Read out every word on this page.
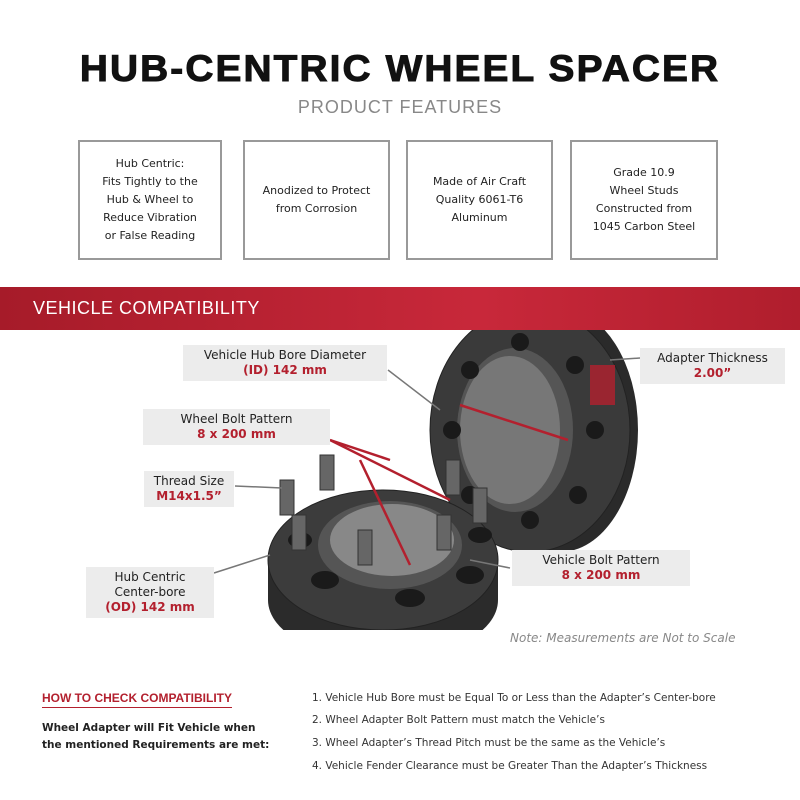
HUB-CENTRIC WHEEL SPACER
PRODUCT FEATURES
Hub Centric:
Fits Tightly to the
Hub & Wheel to
Reduce Vibration
or False Reading
Anodized to Protect
from Corrosion
Made of Air Craft
Quality 6061-T6
Aluminum
Grade 10.9
Wheel Studs
Constructed from
1045 Carbon Steel
VEHICLE COMPATIBILITY
Vehicle Hub Bore Diameter
(ID) 142 mm
Wheel Bolt Pattern
8 x 200 mm
Thread Size
M14x1.5”
Hub Centric
Center-bore
(OD) 142 mm
Adapter Thickness
2.00”
Vehicle Bolt Pattern
8 x 200 mm
Note: Measurements are Not to Scale
HOW TO CHECK COMPATIBILITY
Wheel Adapter will Fit Vehicle when
the mentioned Requirements are met:
1. Vehicle Hub Bore must be Equal To or Less than the Adapter’s Center-bore
2. Wheel Adapter Bolt Pattern must match the Vehicle’s
3. Wheel Adapter’s Thread Pitch must be the same as the Vehicle’s
4. Vehicle Fender Clearance must be Greater Than the Adapter’s Thickness
